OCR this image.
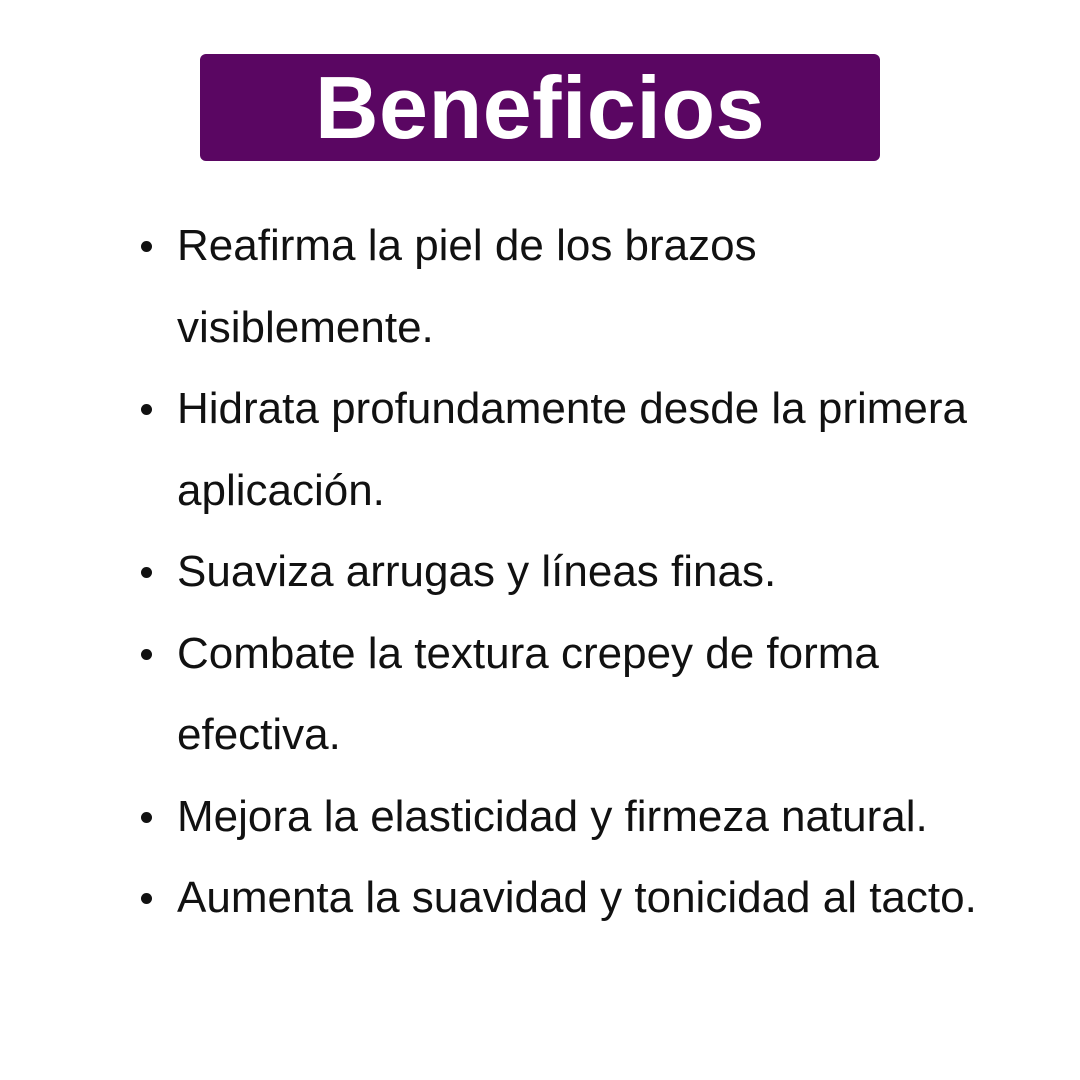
Beneficios
Reafirma la piel de los brazos visiblemente.
Hidrata profundamente desde la primera aplicación.
Suaviza arrugas y líneas finas.
Combate la textura crepey de forma efectiva.
Mejora la elasticidad y firmeza natural.
Aumenta la suavidad y tonicidad al tacto.
